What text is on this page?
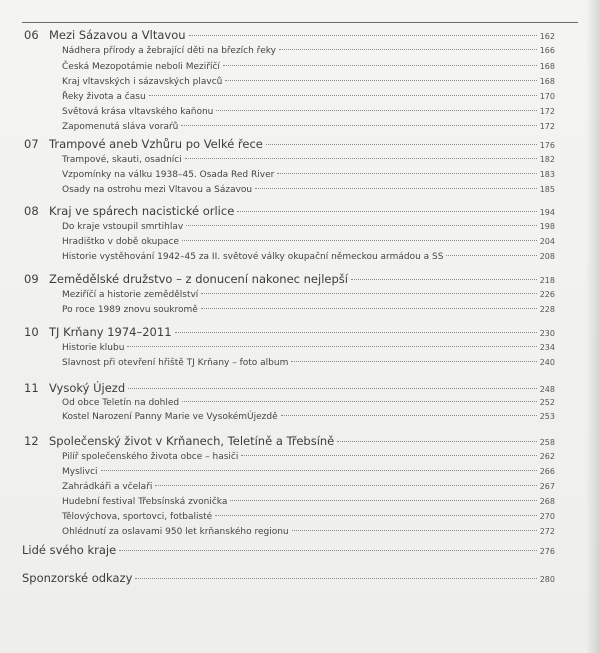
06 Mezi Sázavou a Vltavou	162
Nádhera přírody a žebrající děti na březích řeky	166
Česká Mezopotámie neboli Meziříčí	168
Kraj vltavských i sázavských plavců	168
Řeky života a času	170
Světová krása vltavského kaňonu	172
Zapomenutá sláva voraŕů	172
07 Trampové aneb Vzhůru po Velké řece	176
Trampové, skauti, osadníci	182
Vzpomínky na válku 1938–45. Osada Red River	183
Osady na ostrohu mezi Vltavou a Sázavou	185
08 Kraj ve spárech nacistické orlice	194
Do kraje vstoupil smrtihlav	198
Hradištko v době okupace	204
Historie vystěhování 1942–45 za II. světové války okupační německou armádou a SS	208
09 Zemědělské družstvo – z donucení nakonec nejlepší	218
Meziříčí a historie zemědělství	226
Po roce 1989 znovu soukromě	228
10 TJ Krňany 1974–2011	230
Historie klubu	234
Slavnost při otevření hřiště TJ Krňany – foto album	240
11 Vysoký Újezd	248
Od obce Teletín na dohled	252
Kostel Narození Panny Marie ve VysokémÚjezdě	253
12 Společenský život v Krňanech, Teletíně a Třebsíně	258
Pilíř společenského života obce – hasiči	262
Myslivci	266
Zahrádkáři a včelaři	267
Hudební festival Třebsínská zvonička	268
Tělovýchova, sportovci, fotbalisté	270
Ohlédnutí za oslavami 950 let krňanského regionu	272
Lidé svého kraje	276
Sponzorské odkazy	280
